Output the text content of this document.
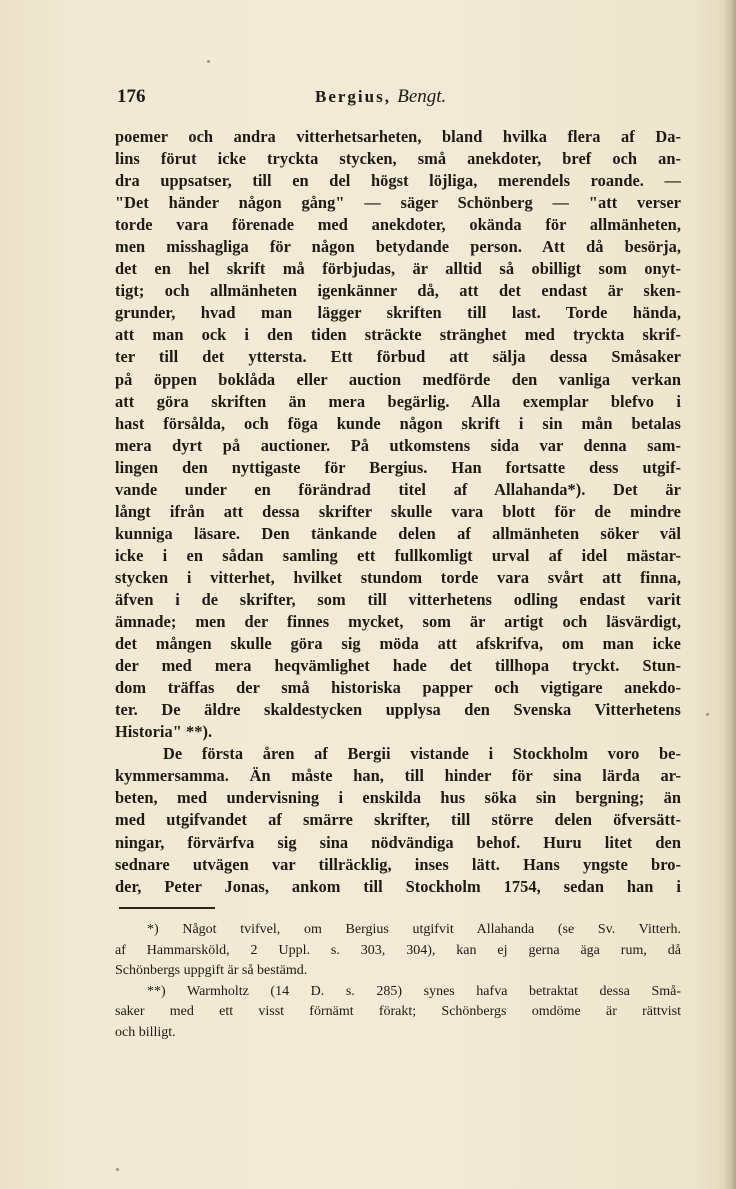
176	Bergius, Bengt.
poemer och andra vitterhetsarheten, bland hvilka flera af Da-
lins förut icke tryckta stycken, små anekdoter, bref och an-
dra uppsatser, till en del högst löjliga, merendels roande. —
"Det händer någon gång" — säger Schönberg — "att verser
torde vara förenade med anekdoter, okända för allmänheten,
men misshagliga för någon betydande person. Att då besörja,
det en hel skrift må förbjudas, är alltid så obilligt som onyt-
tigt; och allmänheten igenkänner då, att det endast är sken-
grunder, hvad man lägger skriften till last. Torde hända,
att man ock i den tiden sträckte stränghet med tryckta skrif-
ter till det yttersta. Ett förbud att sälja dessa Småsaker
på öppen boklåda eller auction medförde den vanliga verkan
att göra skriften än mera begärlig. Alla exemplar blefvo i
hast försålda, och föga kunde någon skrift i sin mån betalas
mera dyrt på auctioner. På utkomstens sida var denna sam-
lingen den nyttigaste för Bergius. Han fortsatte dess utgif-
vande under en förändrad titel af Allahanda*). Det är
långt ifrån att dessa skrifter skulle vara blott för de mindre
kunniga läsare. Den tänkande delen af allmänheten söker väl
icke i en sådan samling ett fullkomligt urval af idel mästar-
stycken i vitterhet, hvilket stundom torde vara svårt att finna,
äfven i de skrifter, som till vitterhetens odling endast varit
ämnade; men der finnes mycket, som är artigt och läsvärdigt,
det mången skulle göra sig möda att afskrifva, om man icke
der med mera heqvämlighet hade det tillhopa tryckt. Stun-
dom träffas der små historiska papper och vigtigare anekdo-
ter. De äldre skaldestycken upplysa den Svenska Vitterhetens
Historia" **).
De första åren af Bergii vistande i Stockholm voro be-
kymmersamma. Än måste han, till hinder för sina lärda ar-
beten, med undervisning i enskilda hus söka sin bergning; än
med utgifvandet af smärre skrifter, till större delen öfversätt-
ningar, förvärfva sig sina nödvändiga behof. Huru litet den
sednare utvägen var tillräcklig, inses lätt. Hans yngste bro-
der, Peter Jonas, ankom till Stockholm 1754, sedan han i
*) Något tvifvel, om Bergius utgifvit Allahanda (se Sv. Vitterh.
af Hammarsköld, 2 Uppl. s. 303, 304), kan ej gerna äga rum, då
Schönbergs uppgift är så bestämd.
**) Warmholtz (14 D. s. 285) synes hafva betraktat dessa Små-
saker med ett visst förnämt förakt; Schönbergs omdöme är rättvist
och billigt.
